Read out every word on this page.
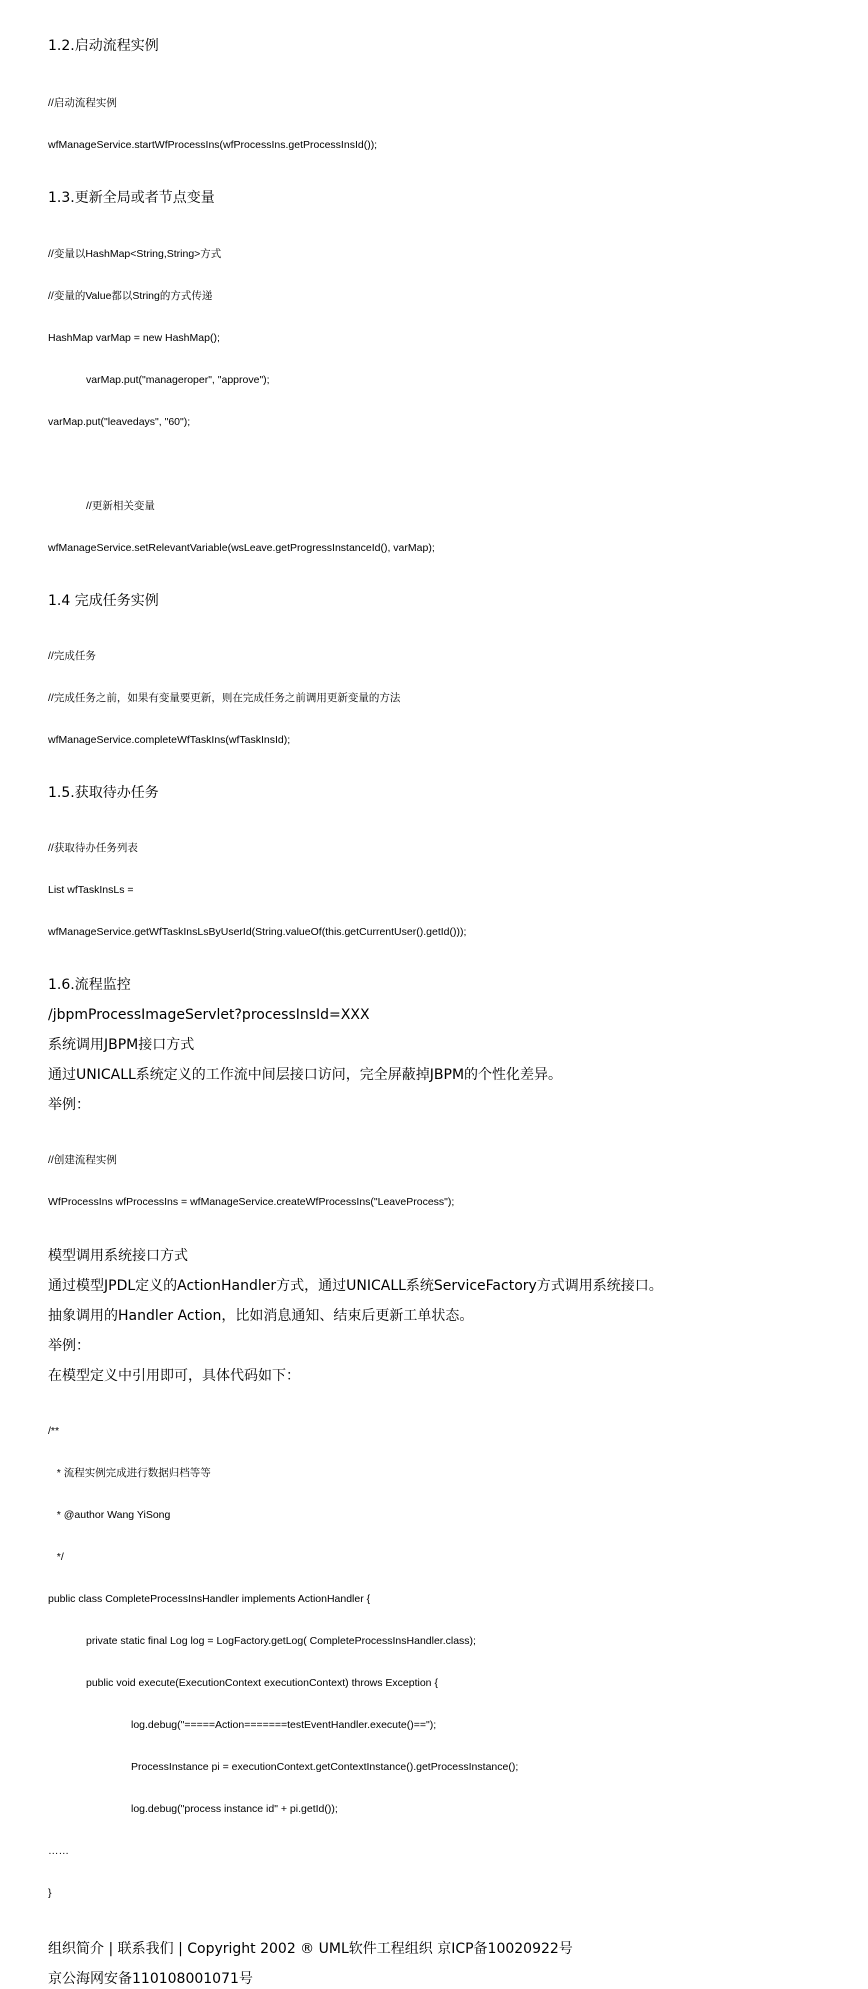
1.2.启动流程实例

//启动流程实例

wfManageService.startWfProcessIns(wfProcessIns.getProcessInsId());

1.3.更新全局或者节点变量

//变量以HashMap<String,String>方式

//变量的Value都以String的方式传递

HashMap varMap = new HashMap();

varMap.put("manageroper", "approve");

varMap.put("leavedays", "60");

//更新相关变量

wfManageService.setRelevantVariable(wsLeave.getProgressInstanceId(), varMap);

1.4 完成任务实例

//完成任务

//完成任务之前，如果有变量要更新，则在完成任务之前调用更新变量的方法

wfManageService.completeWfTaskIns(wfTaskInsId);

1.5.获取待办任务

//获取待办任务列表

List wfTaskInsLs =

wfManageService.getWfTaskInsLsByUserId(String.valueOf(this.getCurrentUser().getId()));

1.6.流程监控
/jbpmProcessImageServlet?processInsId=XXX
系统调用JBPM接口方式
通过UNICALL系统定义的工作流中间层接口访问，完全屏蔽掉JBPM的个性化差异。
举例：

//创建流程实例

WfProcessIns wfProcessIns = wfManageService.createWfProcessIns("LeaveProcess");

模型调用系统接口方式
通过模型JPDL定义的ActionHandler方式，通过UNICALL系统ServiceFactory方式调用系统接口。
抽象调用的Handler Action，比如消息通知、结束后更新工单状态。
举例：
在模型定义中引用即可，具体代码如下：

/**

* 流程实例完成进行数据归档等等

* @author Wang YiSong

*/

public class CompleteProcessInsHandler implements ActionHandler {

private static final Log log = LogFactory.getLog( CompleteProcessInsHandler.class);

public void execute(ExecutionContext executionContext) throws Exception {

log.debug("=====Action=======testEventHandler.execute()==");

ProcessInstance pi = executionContext.getContextInstance().getProcessInstance();

log.debug("process instance id" + pi.getId());

……

}

组织简介 | 联系我们 | Copyright 2002 ® UML软件工程组织 京ICP备10020922号
京公海网安备110108001071号
